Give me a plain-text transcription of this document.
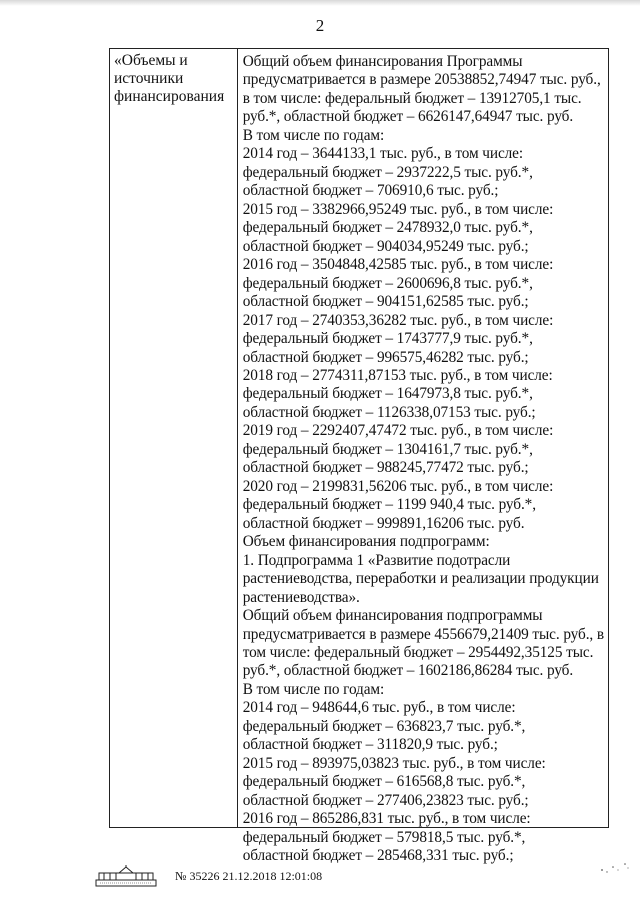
2
«Объемы и
источники
финансирования
Общий объем финансирования Программы
предусматривается в размере 20538852,74947 тыс. руб.,
в том числе: федеральный бюджет – 13912705,1 тыс.
руб.*, областной бюджет – 6626147,64947 тыс. руб.
В том числе по годам:
2014 год – 3644133,1 тыс. руб., в том числе:
федеральный бюджет – 2937222,5 тыс. руб.*,
областной бюджет – 706910,6 тыс. руб.;
2015 год – 3382966,95249 тыс. руб., в том числе:
федеральный бюджет – 2478932,0 тыс. руб.*,
областной бюджет – 904034,95249 тыс. руб.;
2016 год – 3504848,42585 тыс. руб., в том числе:
федеральный бюджет – 2600696,8 тыс. руб.*,
областной бюджет – 904151,62585 тыс. руб.;
2017 год – 2740353,36282 тыс. руб., в том числе:
федеральный бюджет – 1743777,9 тыс. руб.*,
областной бюджет – 996575,46282 тыс. руб.;
2018 год – 2774311,87153 тыс. руб., в том числе:
федеральный бюджет – 1647973,8 тыс. руб.*,
областной бюджет – 1126338,07153 тыс. руб.;
2019 год – 2292407,47472 тыс. руб., в том числе:
федеральный бюджет – 1304161,7 тыс. руб.*,
областной бюджет – 988245,77472 тыс. руб.;
2020 год – 2199831,56206 тыс. руб., в том числе:
федеральный бюджет – 1199 940,4 тыс. руб.*,
областной бюджет – 999891,16206 тыс. руб.
Объем финансирования подпрограмм:
1. Подпрограмма 1 «Развитие подотрасли
растениеводства, переработки и реализации продукции
растениеводства».
Общий объем финансирования подпрограммы
предусматривается в размере 4556679,21409 тыс. руб., в
том числе: федеральный бюджет – 2954492,35125 тыс.
руб.*, областной бюджет – 1602186,86284 тыс. руб.
В том числе по годам:
2014 год – 948644,6 тыс. руб., в том числе:
федеральный бюджет – 636823,7 тыс. руб.*,
областной бюджет – 311820,9 тыс. руб.;
2015 год – 893975,03823 тыс. руб., в том числе:
федеральный бюджет – 616568,8 тыс. руб.*,
областной бюджет – 277406,23823 тыс. руб.;
2016 год – 865286,831 тыс. руб., в том числе:
федеральный бюджет – 579818,5 тыс. руб.*,
областной бюджет – 285468,331 тыс. руб.;
№ 35226 21.12.2018 12:01:08
